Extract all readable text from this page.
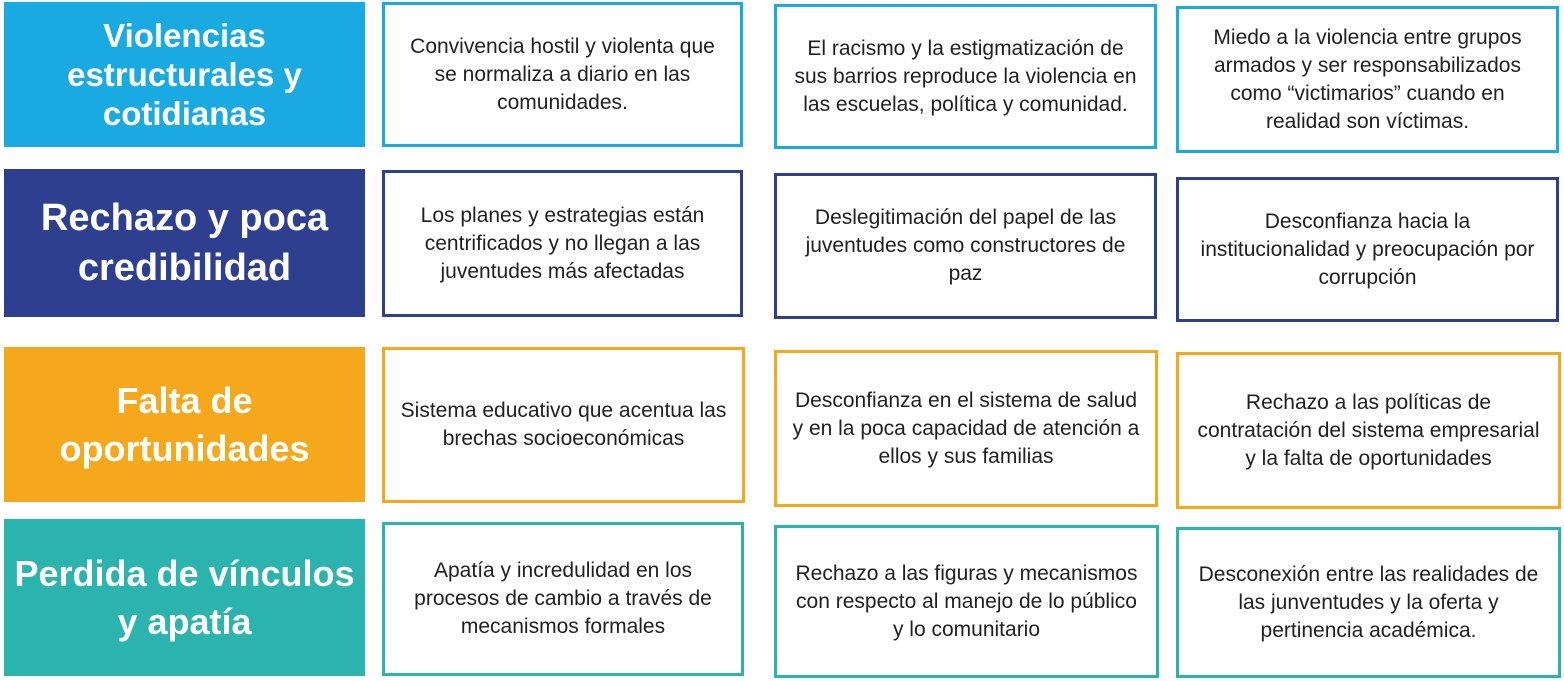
Violencias estructurales y cotidianas
Convivencia hostil y violenta que se normaliza a diario en las comunidades.
El racismo y la estigmatización de sus barrios reproduce la violencia en las escuelas, política y comunidad.
Miedo a la violencia entre grupos armados y ser responsabilizados como “victimarios” cuando en realidad son víctimas.
Rechazo y poca credibilidad
Los planes y estrategias están centrificados y no llegan a las juventudes más afectadas
Deslegitimación del papel de las juventudes como constructores de paz
Desconfianza hacia la institucionalidad y preocupación por corrupción
Falta de oportunidades
Sistema educativo que acentua las brechas socioeconómicas
Desconfianza en el sistema de salud y en la poca capacidad de atención a ellos y sus familias
Rechazo a las políticas de contratación del sistema empresarial y la falta de oportunidades
Perdida de vínculos y apatía
Apatía y incredulidad en los procesos de cambio a través de mecanismos formales
Rechazo a las figuras y mecanismos con respecto al manejo de lo público y lo comunitario
Desconexión entre las realidades de las junventudes y la oferta y pertinencia académica.
